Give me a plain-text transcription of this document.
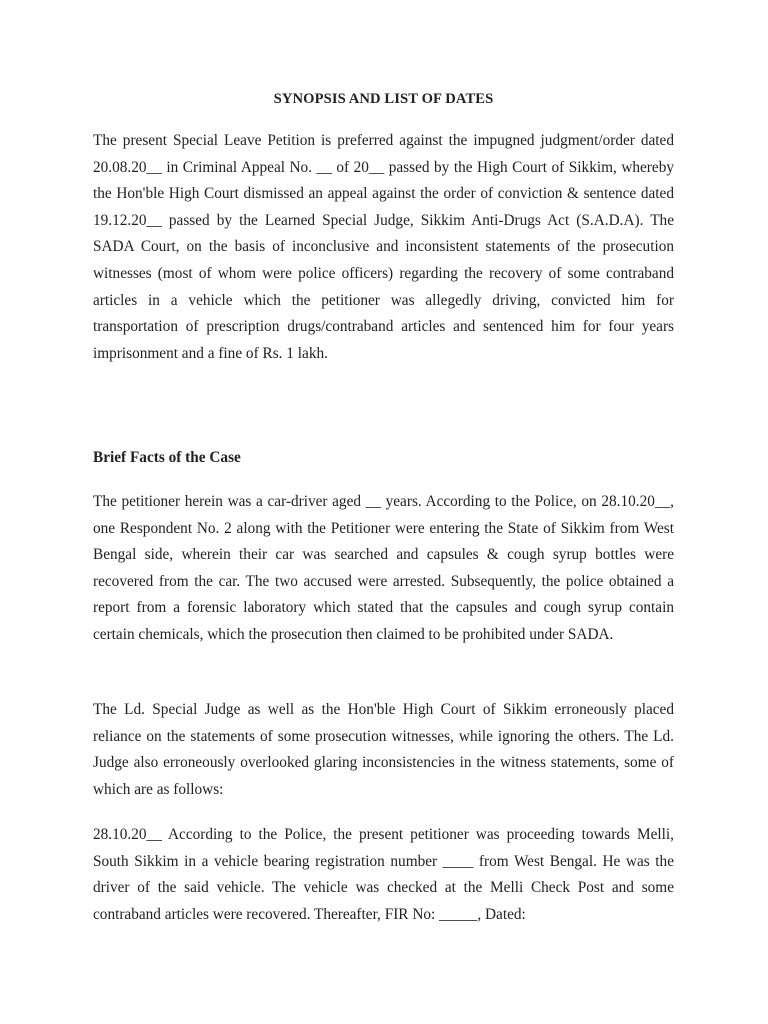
SYNOPSIS AND LIST OF DATES

The present Special Leave Petition is preferred against the impugned judgment/order dated 20.08.20__ in Criminal Appeal No. __ of 20__ passed by the High Court of Sikkim, whereby the Hon'ble High Court dismissed an appeal against the order of conviction & sentence dated 19.12.20__ passed by the Learned Special Judge, Sikkim Anti-Drugs Act (S.A.D.A). The SADA Court, on the basis of inconclusive and inconsistent statements of the prosecution witnesses (most of whom were police officers) regarding the recovery of some contraband articles in a vehicle which the petitioner was allegedly driving, convicted him for transportation of prescription drugs/contraband articles and sentenced him for four years imprisonment and a fine of Rs. 1 lakh.

Brief Facts of the Case

The petitioner herein was a car-driver aged __ years. According to the Police, on 28.10.20__, one Respondent No. 2 along with the Petitioner were entering the State of Sikkim from West Bengal side, wherein their car was searched and capsules & cough syrup bottles were recovered from the car. The two accused were arrested. Subsequently, the police obtained a report from a forensic laboratory which stated that the capsules and cough syrup contain certain chemicals, which the prosecution then claimed to be prohibited under SADA.

The Ld. Special Judge as well as the Hon'ble High Court of Sikkim erroneously placed reliance on the statements of some prosecution witnesses, while ignoring the others. The Ld. Judge also erroneously overlooked glaring inconsistencies in the witness statements, some of which are as follows:

28.10.20__ According to the Police, the present petitioner was proceeding towards Melli, South Sikkim in a vehicle bearing registration number ____ from West Bengal. He was the driver of the said vehicle. The vehicle was checked at the Melli Check Post and some contraband articles were recovered. Thereafter, FIR No: _____, Dated:
